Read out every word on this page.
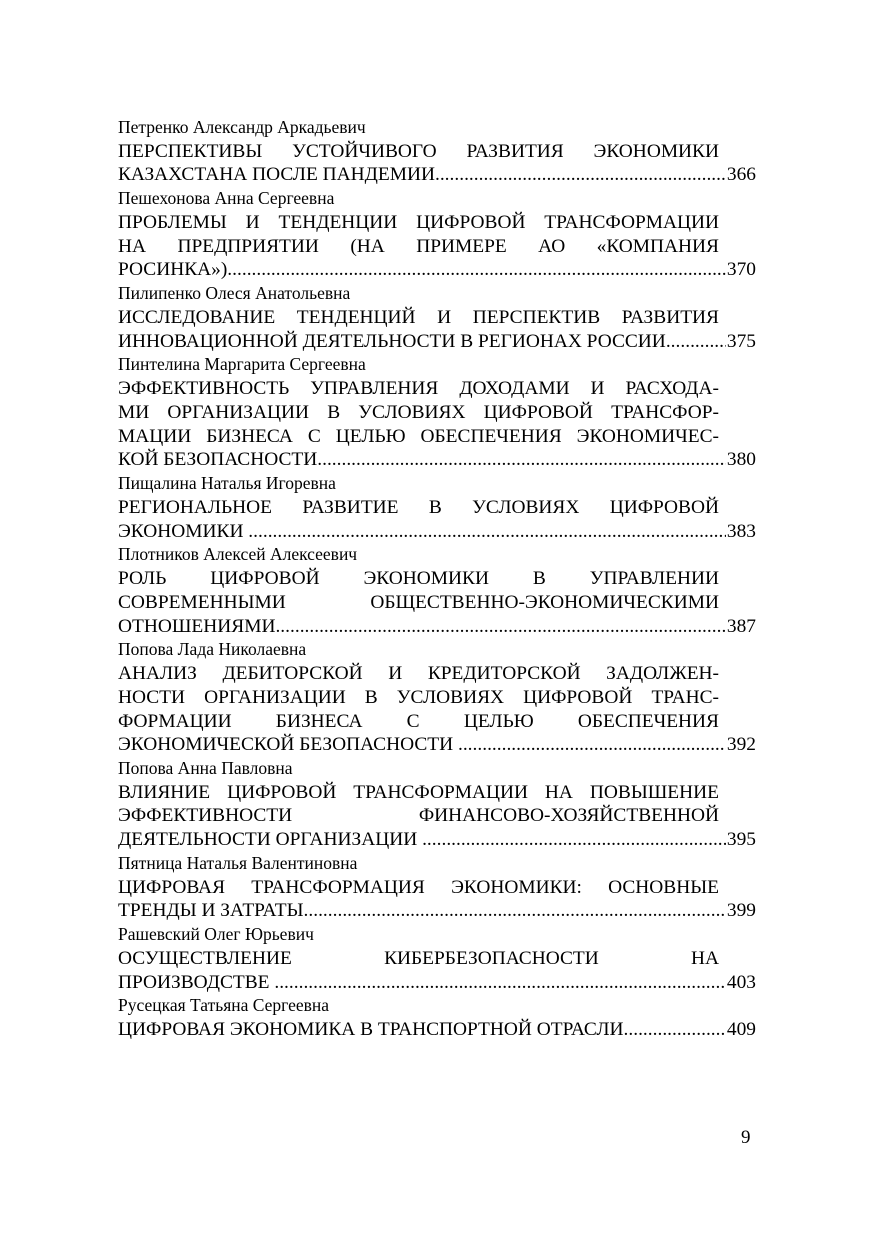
Петренко Александр Аркадьевич
ПЕРСПЕКТИВЫ УСТОЙЧИВОГО РАЗВИТИЯ ЭКОНОМИКИ
КАЗАХСТАНА ПОСЛЕ ПАНДЕМИИ .....	366
Пешехонова Анна Сергеевна
ПРОБЛЕМЫ И ТЕНДЕНЦИИ ЦИФРОВОЙ ТРАНСФОРМАЦИИ
НА ПРЕДПРИЯТИИ (НА ПРИМЕРЕ АО «КОМПАНИЯ
РОСИНКА») .....	370
Пилипенко Олеся Анатольевна
ИССЛЕДОВАНИЕ ТЕНДЕНЦИЙ И ПЕРСПЕКТИВ РАЗВИТИЯ
ИННОВАЦИОННОЙ ДЕЯТЕЛЬНОСТИ В РЕГИОНАХ РОССИИ .....	375
Пинтелина Маргарита Сергеевна
ЭФФЕКТИВНОСТЬ УПРАВЛЕНИЯ ДОХОДАМИ И РАСХОДА-
МИ ОРГАНИЗАЦИИ В УСЛОВИЯХ ЦИФРОВОЙ ТРАНСФОР-
МАЦИИ БИЗНЕСА С ЦЕЛЬЮ ОБЕСПЕЧЕНИЯ ЭКОНОМИЧЕС-
КОЙ БЕЗОПАСНОСТИ .....	380
Пищалина Наталья Игоревна
РЕГИОНАЛЬНОЕ РАЗВИТИЕ В УСЛОВИЯХ ЦИФРОВОЙ
ЭКОНОМИКИ .....	383
Плотников Алексей Алексеевич
РОЛЬ ЦИФРОВОЙ ЭКОНОМИКИ В УПРАВЛЕНИИ
СОВРЕМЕННЫМИ ОБЩЕСТВЕННО-ЭКОНОМИЧЕСКИМИ
ОТНОШЕНИЯМИ .....	387
Попова Лада Николаевна
АНАЛИЗ ДЕБИТОРСКОЙ И КРЕДИТОРСКОЙ ЗАДОЛЖЕН-
НОСТИ ОРГАНИЗАЦИИ В УСЛОВИЯХ ЦИФРОВОЙ ТРАНС-
ФОРМАЦИИ БИЗНЕСА С ЦЕЛЬЮ ОБЕСПЕЧЕНИЯ
ЭКОНОМИЧЕСКОЙ БЕЗОПАСНОСТИ .....	392
Попова Анна Павловна
ВЛИЯНИЕ ЦИФРОВОЙ ТРАНСФОРМАЦИИ НА ПОВЫШЕНИЕ
ЭФФЕКТИВНОСТИ ФИНАНСОВО-ХОЗЯЙСТВЕННОЙ
ДЕЯТЕЛЬНОСТИ ОРГАНИЗАЦИИ .....	395
Пятница Наталья Валентиновна
ЦИФРОВАЯ ТРАНСФОРМАЦИЯ ЭКОНОМИКИ: ОСНОВНЫЕ
ТРЕНДЫ И ЗАТРАТЫ .....	399
Рашевский Олег Юрьевич
ОСУЩЕСТВЛЕНИЕ КИБЕРБЕЗОПАСНОСТИ НА
ПРОИЗВОДСТВЕ .....	403
Русецкая Татьяна Сергеевна
ЦИФРОВАЯ ЭКОНОМИКА В ТРАНСПОРТНОЙ ОТРАСЛИ .....	409
9
